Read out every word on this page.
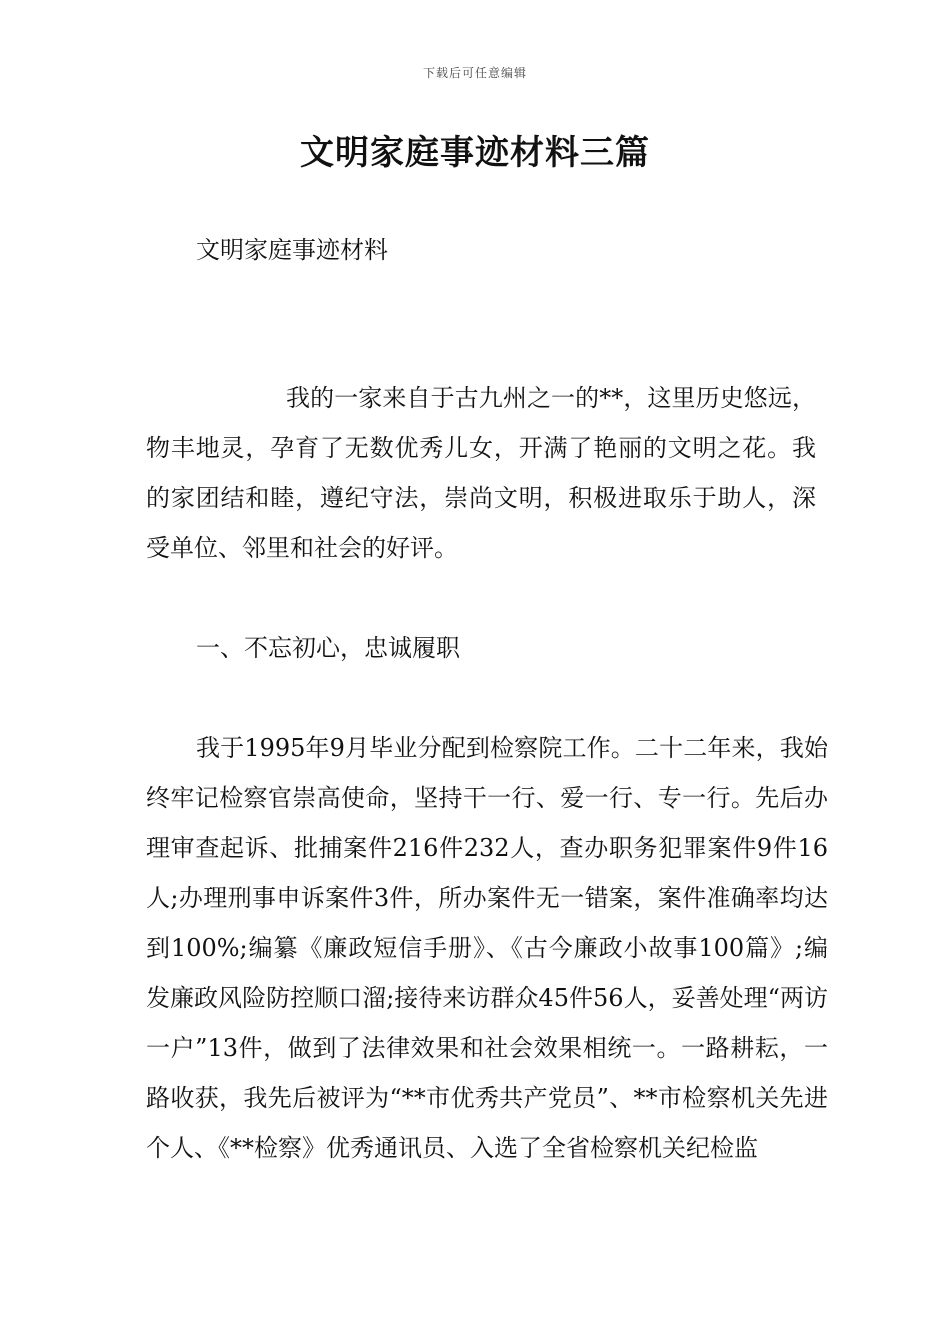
下载后可任意编辑
文明家庭事迹材料三篇
文明家庭事迹材料

我的一家来自于古九州之一的**，这里历史悠远，物丰地灵，孕育了无数优秀儿女，开满了艳丽的文明之花。我的家团结和睦，遵纪守法，崇尚文明，积极进取乐于助人，深受单位、邻里和社会的好评。

一、不忘初心，忠诚履职

我于1995年9月毕业分配到检察院工作。二十二年来，我始终牢记检察官崇高使命，坚持干一行、爱一行、专一行。先后办理审查起诉、批捕案件216件232人，查办职务犯罪案件9件16人;办理刑事申诉案件3件，所办案件无一错案，案件准确率均达到100%;编纂《廉政短信手册》、《古今廉政小故事100篇》;编发廉政风险防控顺口溜;接待来访群众45件56人，妥善处理“两访一户”13件，做到了法律效果和社会效果相统一。一路耕耘，一路收获，我先后被评为“**市优秀共产党员”、**市检察机关先进个人、《**检察》优秀通讯员、入选了全省检察机关纪检监
